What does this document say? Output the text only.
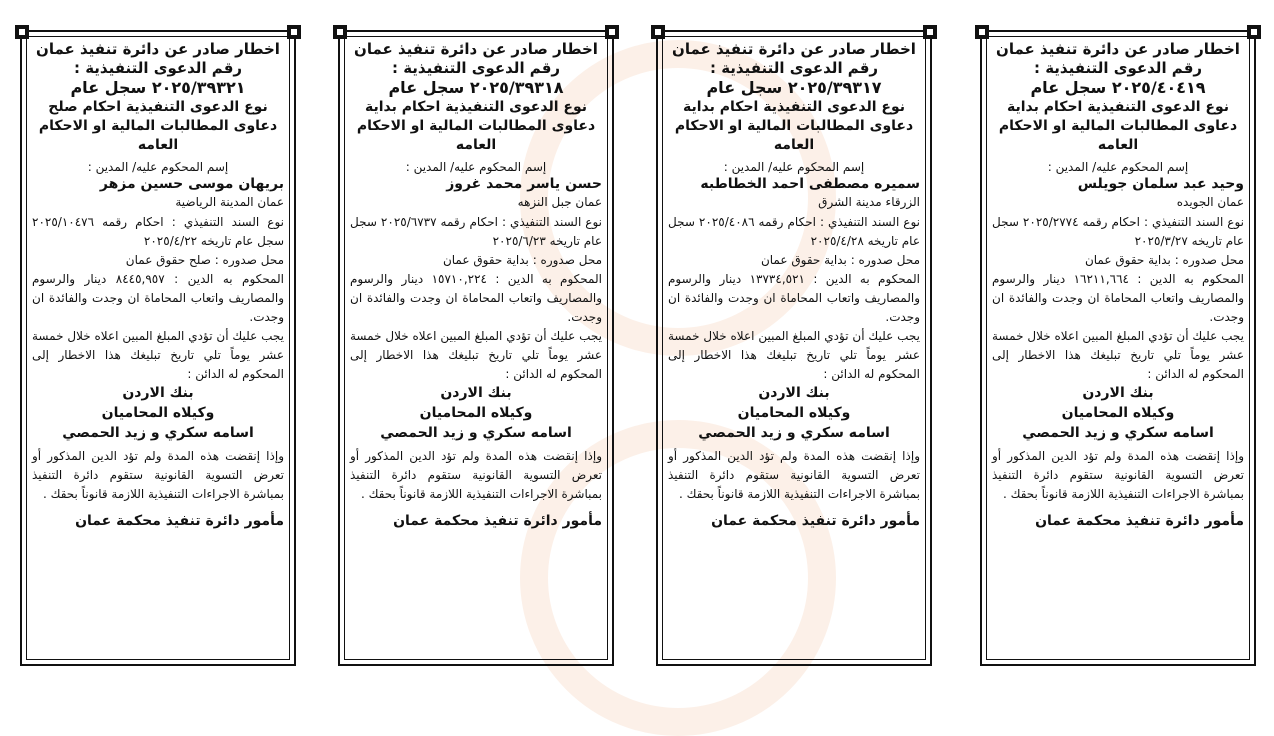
اخطار صادر عن دائرة تنفيذ عمان
رقم الدعوى التنفيذية :
٢٠٢٥/٤٠٤١٩ سجل عام
نوع الدعوى التنفيذية احكام بداية دعاوى المطالبات المالية او الاحكام العامه
إسم المحكوم عليه/ المدين :
وحيد عبد سلمان جويلس
عمان الجويده
نوع السند التنفيذي : احكام رقمه ٢٠٢٥/٢٧٧٤ سجل عام تاريخه ٢٠٢٥/٣/٢٧
محل صدوره : بداية حقوق عمان
المحكوم به الدين : ١٦٢١١,٦٦٤ دينار والرسوم والمصاريف واتعاب المحاماة ان وجدت والفائدة ان وجدت.
يجب عليك أن تؤدي المبلغ المبين اعلاه خلال خمسة عشر يوماً تلي تاريخ تبليغك هذا الاخطار إلى المحكوم له الدائن :
بنك الاردن
وكيلاه المحاميان
اسامه سكري و زيد الحمصي
وإذا إنقضت هذه المدة ولم تؤد الدين المذكور أو تعرض التسوية القانونية ستقوم دائرة التنفيذ بمباشرة الاجراءات التنفيذية اللازمة قانوناً بحقك .
مأمور دائرة تنفيذ محكمة عمان
اخطار صادر عن دائرة تنفيذ عمان
رقم الدعوى التنفيذية :
٢٠٢٥/٣٩٣١٧ سجل عام
نوع الدعوى التنفيذية احكام بداية دعاوى المطالبات المالية او الاحكام العامه
إسم المحكوم عليه/ المدين :
سميره مصطفى احمد الخطاطبه
الزرقاء مدينة الشرق
نوع السند التنفيذي : احكام رقمه ٢٠٢٥/٤٠٨٦ سجل عام تاريخه ٢٠٢٥/٤/٢٨
محل صدوره : بداية حقوق عمان
المحكوم به الدين : ١٣٧٣٤,٥٢١ دينار والرسوم والمصاريف واتعاب المحاماة ان وجدت والفائدة ان وجدت.
يجب عليك أن تؤدي المبلغ المبين اعلاه خلال خمسة عشر يوماً تلي تاريخ تبليغك هذا الاخطار إلى المحكوم له الدائن :
بنك الاردن
وكيلاه المحاميان
اسامه سكري و زيد الحمصي
وإذا إنقضت هذه المدة ولم تؤد الدين المذكور أو تعرض التسوية القانونية ستقوم دائرة التنفيذ بمباشرة الاجراءات التنفيذية اللازمة قانوناً بحقك .
مأمور دائرة تنفيذ محكمة عمان
اخطار صادر عن دائرة تنفيذ عمان
رقم الدعوى التنفيذية :
٢٠٢٥/٣٩٣١٨ سجل عام
نوع الدعوى التنفيذية احكام بداية دعاوى المطالبات المالية او الاحكام العامه
إسم المحكوم عليه/ المدين :
حسن ياسر محمد غروز
عمان جبل النزهه
نوع السند التنفيذي : احكام رقمه ٢٠٢٥/٦٧٣٧ سجل عام تاريخه ٢٠٢٥/٦/٢٣
محل صدوره : بداية حقوق عمان
المحكوم به الدين : ١٥٧١٠,٢٢٤ دينار والرسوم والمصاريف واتعاب المحاماة ان وجدت والفائدة ان وجدت.
يجب عليك أن تؤدي المبلغ المبين اعلاه خلال خمسة عشر يوماً تلي تاريخ تبليغك هذا الاخطار إلى المحكوم له الدائن :
بنك الاردن
وكيلاه المحاميان
اسامه سكري و زيد الحمصي
وإذا إنقضت هذه المدة ولم تؤد الدين المذكور أو تعرض التسوية القانونية ستقوم دائرة التنفيذ بمباشرة الاجراءات التنفيذية اللازمة قانوناً بحقك .
مأمور دائرة تنفيذ محكمة عمان
اخطار صادر عن دائرة تنفيذ عمان
رقم الدعوى التنفيذية :
٢٠٢٥/٣٩٣٢١ سجل عام
نوع الدعوى التنفيذية احكام صلح دعاوى المطالبات المالية او الاحكام العامه
إسم المحكوم عليه/ المدين :
بريهان موسى حسين مزهر
عمان المدينة الرياضية
نوع السند التنفيذي : احكام رقمه ٢٠٢٥/١٠٤٧٦ سجل عام تاريخه ٢٠٢٥/٤/٢٢
محل صدوره : صلح حقوق عمان
المحكوم به الدين : ٨٤٤٥,٩٥٧ دينار والرسوم والمصاريف واتعاب المحاماة ان وجدت والفائدة ان وجدت.
يجب عليك أن تؤدي المبلغ المبين اعلاه خلال خمسة عشر يوماً تلي تاريخ تبليغك هذا الاخطار إلى المحكوم له الدائن :
بنك الاردن
وكيلاه المحاميان
اسامه سكري و زيد الحمصي
وإذا إنقضت هذه المدة ولم تؤد الدين المذكور أو تعرض التسوية القانونية ستقوم دائرة التنفيذ بمباشرة الاجراءات التنفيذية اللازمة قانوناً بحقك .
مأمور دائرة تنفيذ محكمة عمان
